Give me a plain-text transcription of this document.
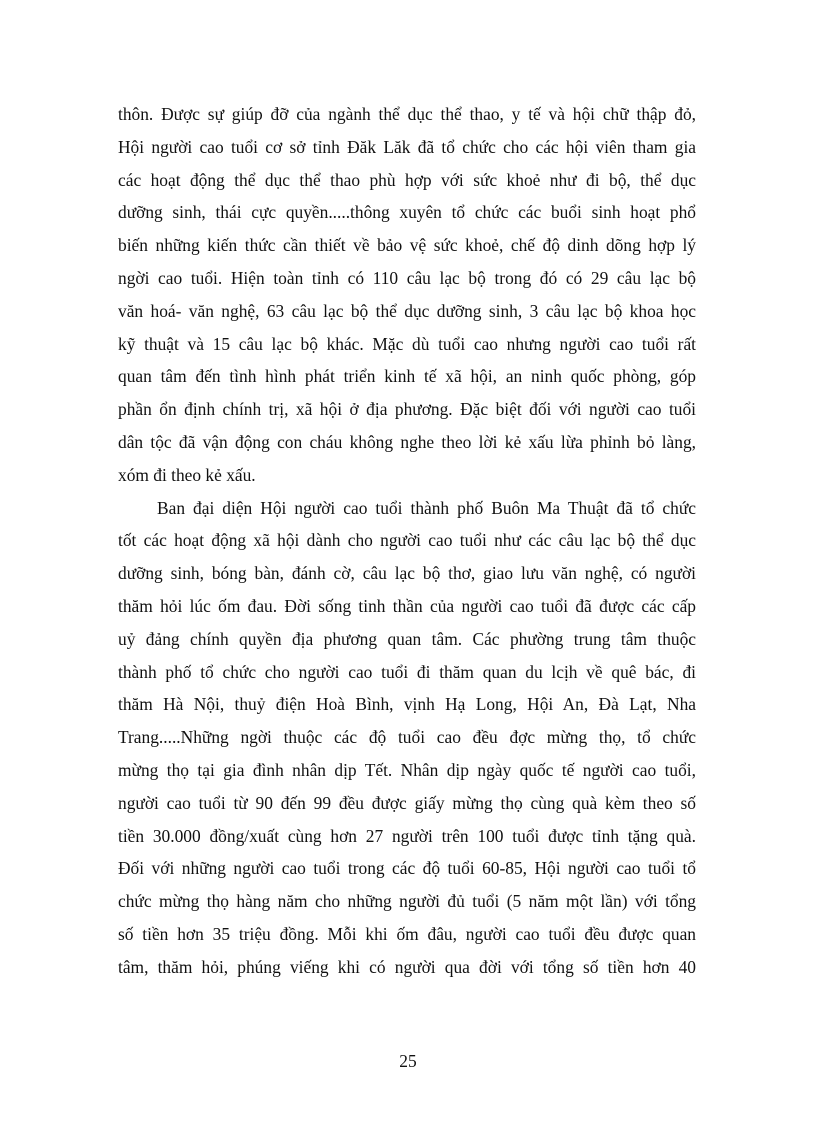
thôn. Được sự giúp đỡ của ngành thể dục thể thao, y tế và hội chữ thập đỏ,
Hội người cao tuổi cơ sở tỉnh Đăk Lăk đã tổ chức cho các hội viên tham gia
các hoạt động thể dục thể thao phù hợp với sức khoẻ như đi bộ, thể dục
dưỡng sinh, thái cực quyền.....thông xuyên tổ chức các buổi sinh hoạt phổ
biến những kiến thức cần thiết về bảo vệ sức khoẻ, chế độ dinh dõng hợp lý
ngời cao tuổi. Hiện toàn tỉnh có 110 câu lạc bộ trong đó có 29 câu lạc bộ
văn hoá- văn nghệ, 63 câu lạc bộ thể dục dưỡng sinh, 3 câu lạc bộ khoa học
kỹ thuật và 15 câu lạc bộ khác. Mặc dù tuổi cao nhưng người cao tuổi rất
quan tâm đến tình hình phát triển kinh tế xã hội, an ninh quốc phòng, góp
phần ổn định chính trị, xã hội ở địa phương. Đặc biệt đối với người cao tuổi
dân tộc đã vận động con cháu không nghe theo lời kẻ xấu lừa phỉnh bỏ làng,
xóm đi theo kẻ xấu.
Ban đại diện Hội người cao tuổi thành phố Buôn Ma Thuật đã tổ chức
tốt các hoạt động xã hội dành cho người cao tuổi như các câu lạc bộ thể dục
dưỡng sinh, bóng bàn, đánh cờ, câu lạc bộ thơ, giao lưu văn nghệ, có người
thăm hỏi lúc ốm đau. Đời sống tinh thần của người cao tuổi đã được các cấp
uỷ đảng chính quyền địa phương quan tâm. Các phường trung tâm thuộc
thành phố tổ chức cho người cao tuổi đi thăm quan du lcịh về quê bác, đi
thăm Hà Nội, thuỷ điện Hoà Bình, vịnh Hạ Long, Hội An, Đà Lạt, Nha
Trang.....Những ngời thuộc các độ tuổi cao đều đợc mừng thọ, tổ chức
mừng thọ tại gia đình nhân dịp Tết. Nhân dịp ngày quốc tế người cao tuổi,
người cao tuổi từ 90 đến 99 đều được giấy mừng thọ cùng quà kèm theo số
tiền 30.000 đồng/xuất cùng hơn 27 người trên 100 tuổi được tỉnh tặng quà.
Đối với những người cao tuổi trong các độ tuổi 60-85, Hội người cao tuổi tổ
chức mừng thọ hàng năm cho những người đủ tuổi (5 năm một lần) với tổng
số tiền hơn 35 triệu đồng. Mỗi khi ốm đâu, người cao tuổi đều được quan
tâm, thăm hỏi, phúng viếng khi có người qua đời với tổng số tiền hơn 40
25
